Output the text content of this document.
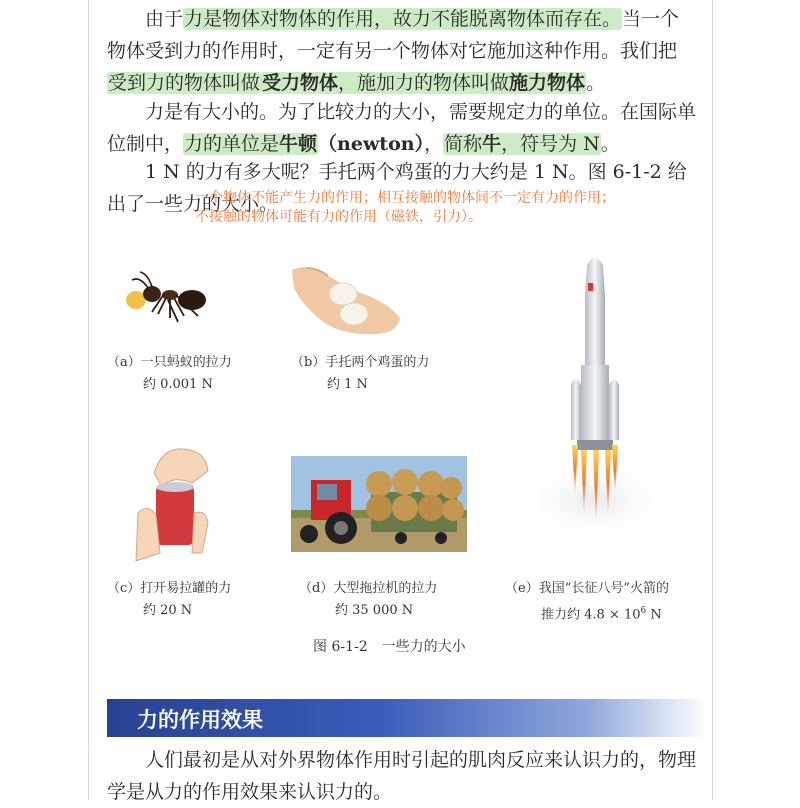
由于力是物体对物体的作用，故力不能脱离物体而存在。当一个物体受到力的作用时，一定有另一个物体对它施加这种作用。我们把受到力的物体叫做 受力物体，施加力的物体叫做施力物体。
力是有大小的。为了比较力的大小，需要规定力的单位。在国际单位制中，力的单位是牛顿（newton），简称牛，符号为 N。
1 N 的力有多大呢？手托两个鸡蛋的力大约是 1 N。图 6-1-2 给出了一些力的大小。
一个物体不能产生力的作用；相互接触的物体间不一定有力的作用；
不接触的物体可能有力的作用（磁铁，引力）。
（a）一只蚂蚁的拉力
约 0.001 N
（b）手托两个鸡蛋的力
约 1 N
（c）打开易拉罐的力
约 20 N
（d）大型拖拉机的拉力
约 35 000 N
（e）我国“长征八号”火箭的
推力约 $4.8 \times 10^6$ N
图 6-1-2　一些力的大小
力的作用效果
人们最初是从对外界物体作用时引起的肌肉反应来认识力的，物理学是从力的作用效果来认识力的。
